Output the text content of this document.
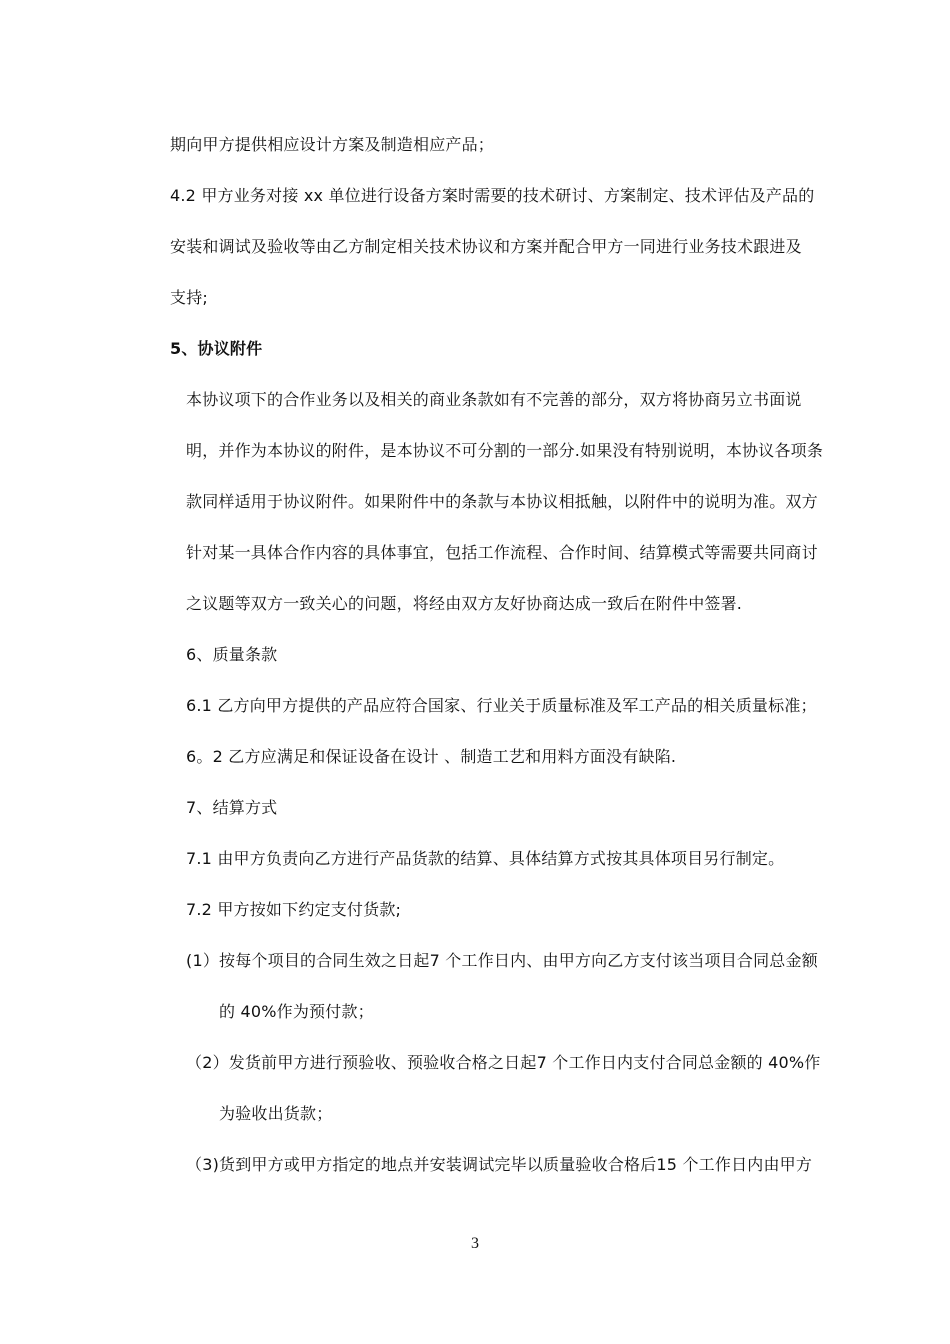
期向甲方提供相应设计方案及制造相应产品；
4.2 甲方业务对接 xx 单位进行设备方案时需要的技术研讨、方案制定、技术评估及产品的
安装和调试及验收等由乙方制定相关技术协议和方案并配合甲方一同进行业务技术跟进及
支持;
5、协议附件
本协议项下的合作业务以及相关的商业条款如有不完善的部分，双方将协商另立书面说
明，并作为本协议的附件，是本协议不可分割的一部分.如果没有特别说明，本协议各项条
款同样适用于协议附件。如果附件中的条款与本协议相抵触，以附件中的说明为准。双方
针对某一具体合作内容的具体事宜，包括工作流程、合作时间、结算模式等需要共同商讨
之议题等双方一致关心的问题，将经由双方友好协商达成一致后在附件中签署.
6、质量条款
6.1 乙方向甲方提供的产品应符合国家、行业关于质量标准及军工产品的相关质量标准；
6。2 乙方应满足和保证设备在设计 、制造工艺和用料方面没有缺陷.
7、结算方式
7.1 由甲方负责向乙方进行产品货款的结算、具体结算方式按其具体项目另行制定。
7.2 甲方按如下约定支付货款;
(1）按每个项目的合同生效之日起7 个工作日内、由甲方向乙方支付该当项目合同总金额
的 40%作为预付款；
（2）发货前甲方进行预验收、预验收合格之日起7 个工作日内支付合同总金额的 40%作
为验收出货款；
（3)货到甲方或甲方指定的地点并安装调试完毕以质量验收合格后15 个工作日内由甲方
3
